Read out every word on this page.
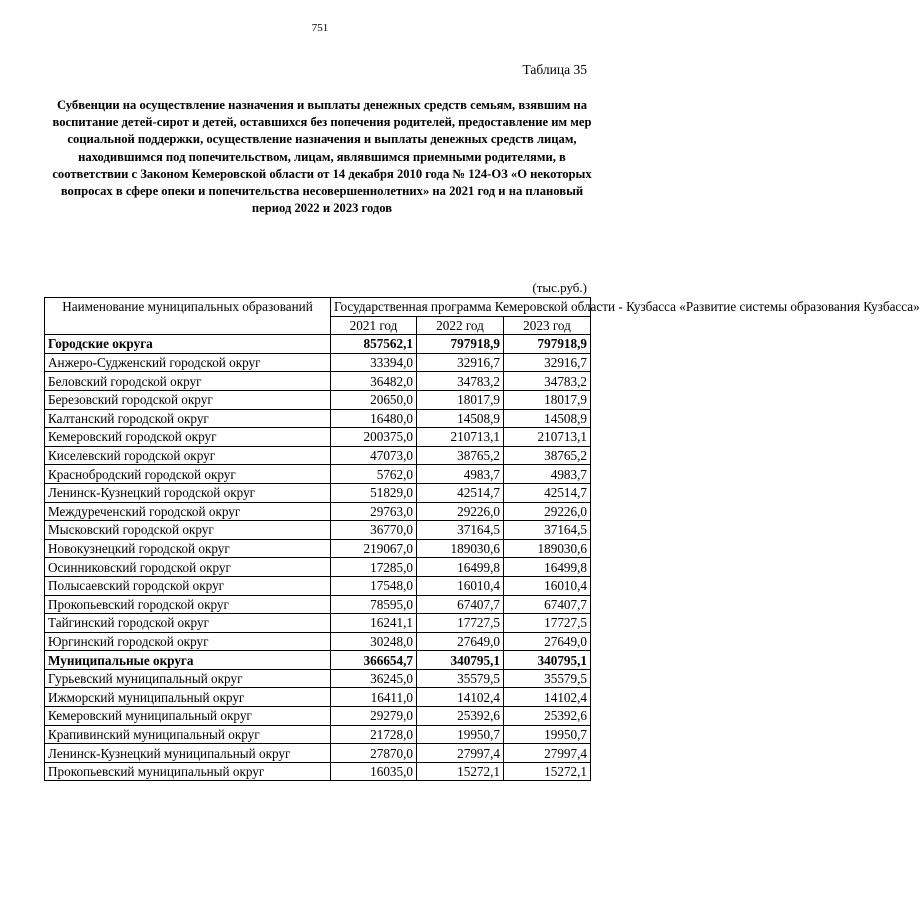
751
Таблица 35
Субвенции на осуществление назначения и выплаты денежных средств семьям, взявшим на воспитание детей-сирот и детей, оставшихся без попечения родителей, предоставление им мер социальной поддержки, осуществление назначения и выплаты денежных средств лицам, находившимся под попечительством, лицам, являвшимся приемными родителями, в соответствии с Законом Кемеровской области от 14 декабря 2010 года № 124-ОЗ «О некоторых вопросах в сфере опеки и попечительства несовершеннолетних» на 2021 год и на плановый период 2022 и 2023 годов
(тыс.руб.)
Наименование муниципальных образований	Государственная программа Кемеровской области - Кузбасса «Развитие системы образования Кузбасса»		
	2021 год	2022 год	2023 год
Городские округа	857562,1	797918,9	797918,9
Анжеро-Судженский городской округ	33394,0	32916,7	32916,7
Беловский городской округ	36482,0	34783,2	34783,2
Березовский городской округ	20650,0	18017,9	18017,9
Калтанский городской округ	16480,0	14508,9	14508,9
Кемеровский городской округ	200375,0	210713,1	210713,1
Киселевский городской округ	47073,0	38765,2	38765,2
Краснобродский городской округ	5762,0	4983,7	4983,7
Ленинск-Кузнецкий городской округ	51829,0	42514,7	42514,7
Междуреченский городской округ	29763,0	29226,0	29226,0
Мысковский городской округ	36770,0	37164,5	37164,5
Новокузнецкий городской округ	219067,0	189030,6	189030,6
Осинниковский городской округ	17285,0	16499,8	16499,8
Полысаевский городской округ	17548,0	16010,4	16010,4
Прокопьевский городской округ	78595,0	67407,7	67407,7
Тайгинский городской округ	16241,1	17727,5	17727,5
Юргинский городской округ	30248,0	27649,0	27649,0
Муниципальные округа	366654,7	340795,1	340795,1
Гурьевский муниципальный округ	36245,0	35579,5	35579,5
Ижморский муниципальный округ	16411,0	14102,4	14102,4
Кемеровский муниципальный округ	29279,0	25392,6	25392,6
Крапивинский муниципальный округ	21728,0	19950,7	19950,7
Ленинск-Кузнецкий муниципальный округ	27870,0	27997,4	27997,4
Прокопьевский муниципальный округ	16035,0	15272,1	15272,1
